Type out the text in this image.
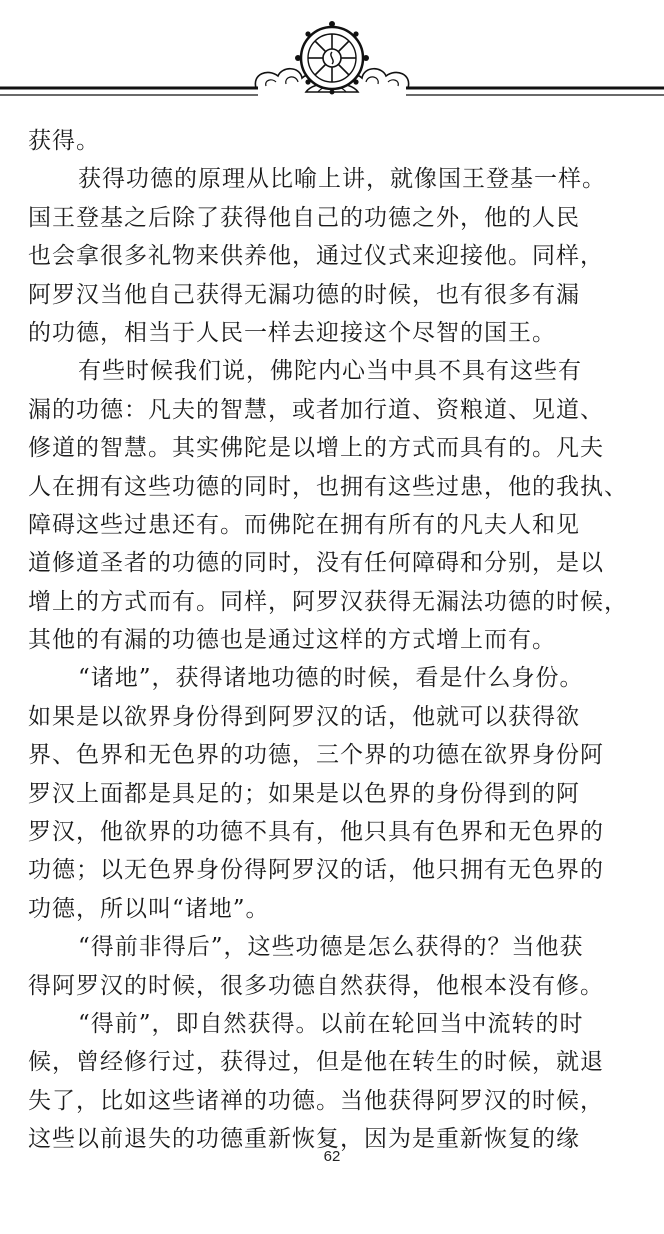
获得。
获得功德的原理从比喻上讲，就像国王登基一样。
国王登基之后除了获得他自己的功德之外，他的人民
也会拿很多礼物来供养他，通过仪式来迎接他。同样，
阿罗汉当他自己获得无漏功德的时候，也有很多有漏
的功德，相当于人民一样去迎接这个尽智的国王。
有些时候我们说，佛陀内心当中具不具有这些有
漏的功德：凡夫的智慧，或者加行道、资粮道、见道、
修道的智慧。其实佛陀是以增上的方式而具有的。凡夫
人在拥有这些功德的同时，也拥有这些过患，他的我执、
障碍这些过患还有。而佛陀在拥有所有的凡夫人和见
道修道圣者的功德的同时，没有任何障碍和分别，是以
增上的方式而有。同样，阿罗汉获得无漏法功德的时候，
其他的有漏的功德也是通过这样的方式增上而有。
“诸地”，获得诸地功德的时候，看是什么身份。
如果是以欲界身份得到阿罗汉的话，他就可以获得欲
界、色界和无色界的功德，三个界的功德在欲界身份阿
罗汉上面都是具足的；如果是以色界的身份得到的阿
罗汉，他欲界的功德不具有，他只具有色界和无色界的
功德；以无色界身份得阿罗汉的话，他只拥有无色界的
功德，所以叫“诸地”。
“得前非得后”，这些功德是怎么获得的？当他获
得阿罗汉的时候，很多功德自然获得，他根本没有修。
“得前”，即自然获得。以前在轮回当中流转的时
候，曾经修行过，获得过，但是他在转生的时候，就退
失了，比如这些诸禅的功德。当他获得阿罗汉的时候，
这些以前退失的功德重新恢复，因为是重新恢复的缘
62
